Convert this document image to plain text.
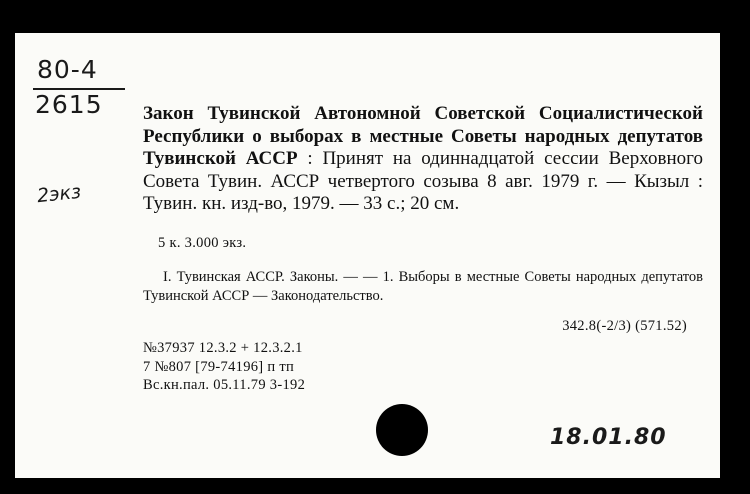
80-4
2615
2экз
Закон Тувинской Автономной Советской Социалистической Республики о выборах в местные Советы народных депутатов Тувинской АССР : Принят на одиннадцатой сессии Верховного Совета Тувин. АССР четвертого созыва 8 авг. 1979 г. — Кызыл : Тувин. кн. изд-во, 1979. — 33 с.; 20 см.
5 к. 3.000 экз.
I. Тувинская АССР. Законы. — — 1. Выборы в местные Советы народных депутатов Тувинской АССР — Законодательство.
342.8(-2/3) (571.52)
№37937 12.3.2 + 12.3.2.1
7 №807 [79-74196] п тп
Вс.кн.пал. 05.11.79 3-192
18.01.80
